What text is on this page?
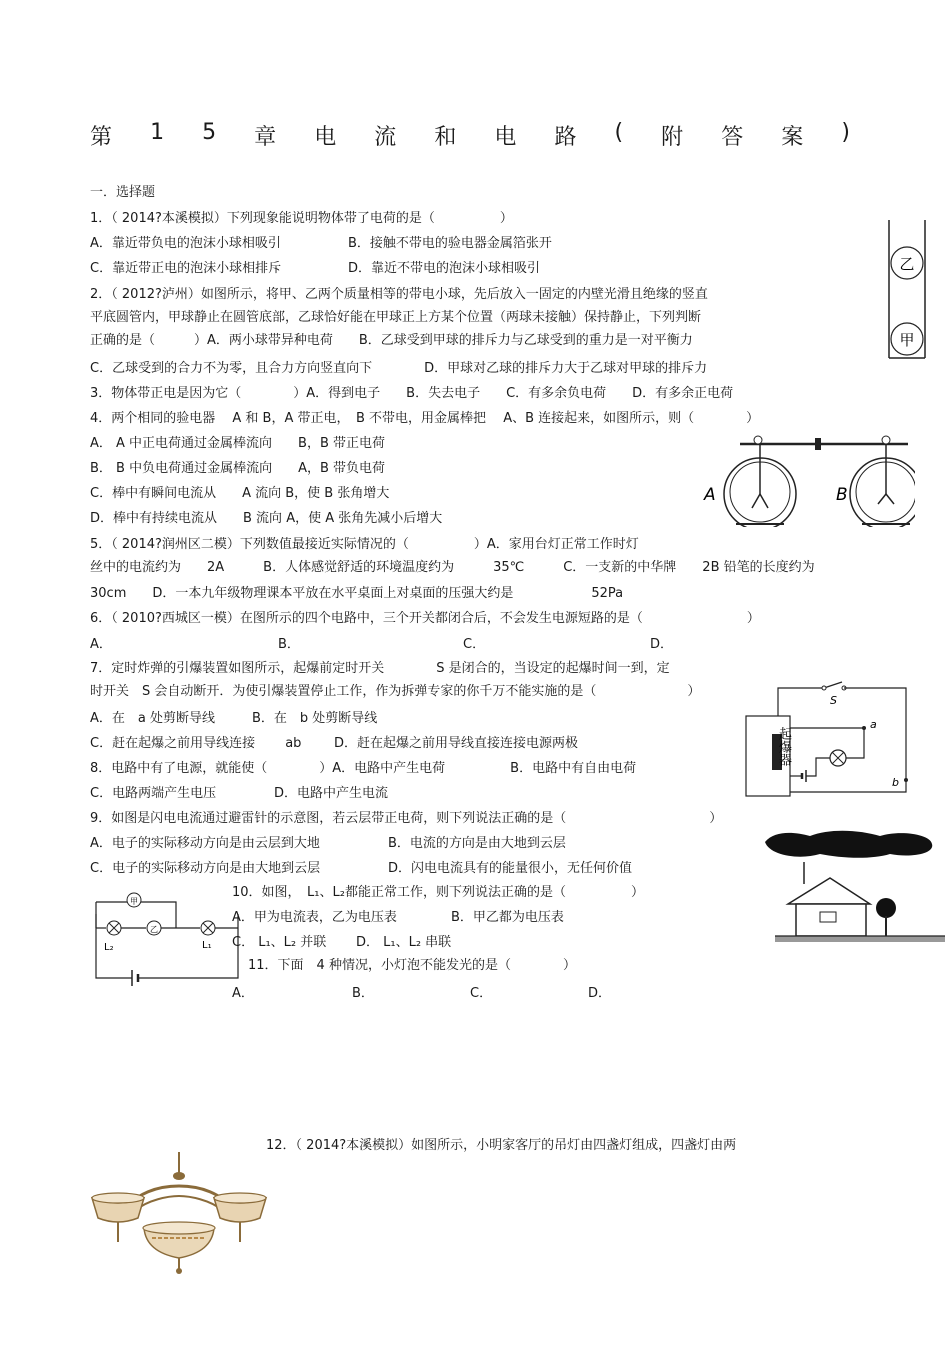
第 1 5 章 电 流 和 电 路 ( 附 答 案 )
一．选择题
1．（ 2014?本溪模拟）下列现象能说明物体带了电荷的是（　　　　　）
A．靠近带负电的泡沫小球相吸引	B．接触不带电的验电器金属箔张开
C．靠近带正电的泡沫小球相排斥	D．靠近不带电的泡沫小球相吸引
2．（ 2012?泸州）如图所示，将甲、乙两个质量相等的带电小球，先后放入一固定的内壁光滑且绝缘的竖直
平底圆管内，甲球静止在圆管底部，乙球恰好能在甲球正上方某个位置（两球未接触）保持静止，下列判断
正确的是（　　　）A．两小球带异种电荷　　B．乙球受到甲球的排斥力与乙球受到的重力是一对平衡力
C．乙球受到的合力不为零，且合力方向竖直向下　　　　D．甲球对乙球的排斥力大于乙球对甲球的排斥力
乙
甲
3．物体带正电是因为它（　　　　）A．得到电子　　B．失去电子　　C．有多余负电荷　　D．有多余正电荷
4．两个相同的验电器　 A 和 B，A 带正电，　B 不带电，用金属棒把　 A、B 连接起来，如图所示，则（　　　　）
A． A 中正电荷通过金属棒流向　　B，B 带正电荷
B． B 中负电荷通过金属棒流向　　A，B 带负电荷
C．棒中有瞬间电流从　　A 流向 B，使 B 张角增大
D．棒中有持续电流从　　B 流向 A，使 A 张角先减小后增大
A	B
5．（ 2014?润州区二模）下列数值最接近实际情况的（　　　　　）A．家用台灯正常工作时灯
丝中的电流约为　　2A　　　B．人体感觉舒适的环境温度约为　　　35℃　　　C．一支新的中华牌　　2B 铅笔的长度约为
30cm　　D．一本九年级物理课本平放在水平桌面上对桌面的压强大约是　　　　　　52Pa
6．（ 2010?西城区一模）在图所示的四个电路中，三个开关都闭合后，不会发生电源短路的是（　　　　　　　　）
A．	B．	C．	D．
7．定时炸弹的引爆装置如图所示，起爆前定时开关　　　　S 是闭合的，当设定的起爆时间一到，定
时开关　S 会自动断开．为使引爆装置停止工作，作为拆弹专家的你千万不能实施的是（　　　　　　　）
A．在　a 处剪断导线	B．在　b 处剪断导线
C．赶在起爆之前用导线连接　　 ab	D．赶在起爆之前用导线直接连接电源两极
S
起爆器
a
b
8．电路中有了电源，就能使（　　　　）A．电路中产生电荷　　　　　B．电路中有自由电荷
C．电路两端产生电压	D．电路中产生电流
9．如图是闪电电流通过避雷针的示意图，若云层带正电荷，则下列说法正确的是（　　　　　　　　　　　）
A．电子的实际移动方向是由云层到大地	B．电流的方向是由大地到云层
C．电子的实际移动方向是由大地到云层	D．闪电电流具有的能量很小，无任何价值
甲
乙
L₂	L₁
10．如图，　L₁、L₂都能正常工作，则下列说法正确的是（　　　　　）
A．甲为电流表，乙为电压表	B．甲乙都为电压表
C． L₁、L₂ 并联 D． L₁、L₂ 串联
11．下面　4 种情况，小灯泡不能发光的是（　　　　）
A．	B．	C．	D．
12．（ 2014?本溪模拟）如图所示，小明家客厅的吊灯由四盏灯组成，四盏灯由两
